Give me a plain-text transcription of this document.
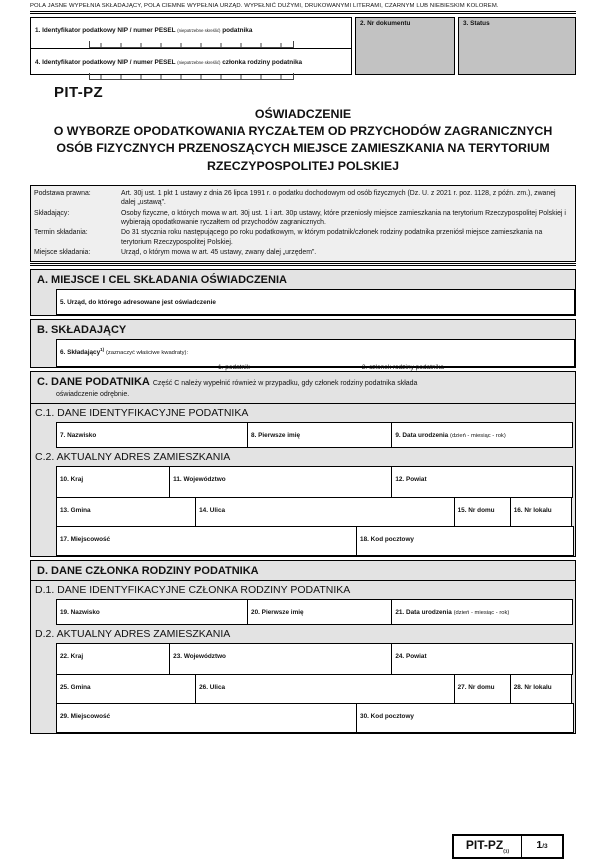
POLA JASNE WYPEŁNIA SKŁADAJĄCY, POLA CIEMNE WYPEŁNIA URZĄD. WYPEŁNIĆ DUŻYMI, DRUKOWANYMI LITERAMI, CZARNYM LUB NIEBIESKIM KOLOREM.
1. Identyfikator podatkowy NIP / numer PESEL (niepotrzebne skreślić) podatnika
4. Identyfikator podatkowy NIP / numer PESEL (niepotrzebne skreślić) członka rodziny podatnika
2. Nr dokumentu	3. Status
PIT-PZ
OŚWIADCZENIE
O WYBORZE OPODATKOWANIA RYCZAŁTEM OD PRZYCHODÓW ZAGRANICZNYCH
OSÓB FIZYCZNYCH PRZENOSZĄCYCH MIEJSCE ZAMIESZKANIA NA TERYTORIUM
RZECZYPOSPOLITEJ POLSKIEJ
Podstawa prawna:	Art. 30j ust. 1 pkt 1 ustawy z dnia 26 lipca 1991 r. o podatku dochodowym od osób fizycznych (Dz. U. z 2021 r. poz. 1128, z późn. zm.), zwanej dalej „ustawą”.
Składający:	Osoby fizyczne, o których mowa w art. 30j ust. 1 i art. 30p ustawy, które przeniosły miejsce zamieszkania na terytorium Rzeczypospolitej Polskiej i wybierają opodatkowanie ryczałtem od przychodów zagranicznych.
Termin składania:	Do 31 stycznia roku następującego po roku podatkowym, w którym podatnik/członek rodziny podatnika przeniósł miejsce zamieszkania na terytorium Rzeczypospolitej Polskiej.
Miejsce składania:	Urząd, o którym mowa w art. 45 ustawy, zwany dalej „urzędem”.
A. MIEJSCE I CEL SKŁADANIA OŚWIADCZENIA
5. Urząd, do którego adresowane jest oświadczenie
B. SKŁADAJĄCY
6. Składający$^{1)}$ (zaznaczyć właściwe kwadraty):
1. podatnik	2. członek rodziny podatnika
C. DANE PODATNIKA Część C należy wypełnić również w przypadku, gdy członek rodziny podatnika składa oświadczenie odrębnie.
C.1. DANE IDENTYFIKACYJNE PODATNIKA
7. Nazwisko	8. Pierwsze imię	9. Data urodzenia (dzień - miesiąc - rok)
C.2. AKTUALNY ADRES ZAMIESZKANIA
10. Kraj	11. Województwo	12. Powiat
13. Gmina	14. Ulica	15. Nr domu	16. Nr lokalu
17. Miejscowość	18. Kod pocztowy
D. DANE CZŁONKA RODZINY PODATNIKA
D.1. DANE IDENTYFIKACYJNE CZŁONKA RODZINY PODATNIKA
19. Nazwisko	20. Pierwsze imię	21. Data urodzenia (dzień - miesiąc - rok)
D.2. AKTUALNY ADRES ZAMIESZKANIA
22. Kraj	23. Województwo	24. Powiat
25. Gmina	26. Ulica	27. Nr domu	28. Nr lokalu
29. Miejscowość	30. Kod pocztowy
PIT-$PZ_{(1)}$
1/3
